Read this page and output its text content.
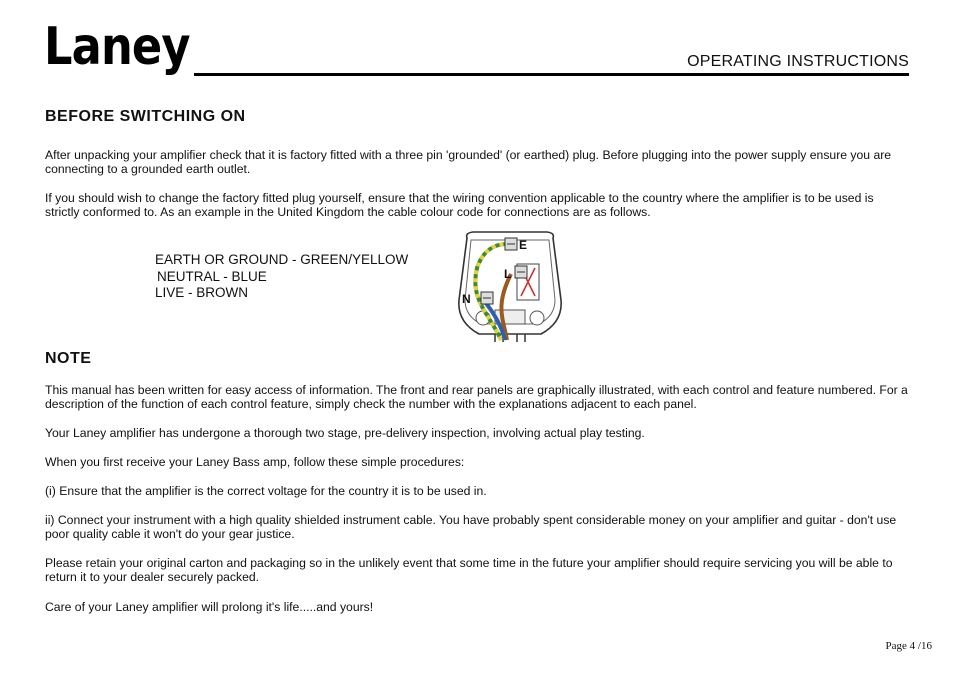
Laney	OPERATING INSTRUCTIONS
BEFORE SWITCHING ON

After unpacking your amplifier check that it is factory fitted with a three pin 'grounded' (or earthed) plug. Before plugging into the power supply ensure you are connecting to a grounded earth outlet.

If you should wish to change the factory fitted plug yourself, ensure that the wiring convention applicable to the country where the amplifier is to be used is strictly conformed to. As an example in the United Kingdom the cable colour code for connections are as follows.

EARTH OR GROUND - GREEN/YELLOW
NEUTRAL - BLUE
LIVE - BROWN
E
L
N
NOTE

This manual has been written for easy access of information. The front and rear panels are graphically illustrated, with each control and feature numbered. For a description of the function of each control feature, simply check the number with the explanations adjacent to each panel.

Your Laney amplifier has undergone a thorough two stage, pre-delivery inspection, involving actual play testing.

When you first receive your Laney Bass amp, follow these simple procedures:

(i) Ensure that the amplifier is the correct voltage for the country it is to be used in.

ii) Connect your instrument with a high quality shielded instrument cable. You have probably spent considerable money on your amplifier and guitar - don't use poor quality cable it won't do your gear justice.

Please retain your original carton and packaging so in the unlikely event that some time in the future your amplifier should require servicing you will be able to return it to your dealer securely packed.

Care of your Laney amplifier will prolong it's life.....and yours!

Page 4 /16
